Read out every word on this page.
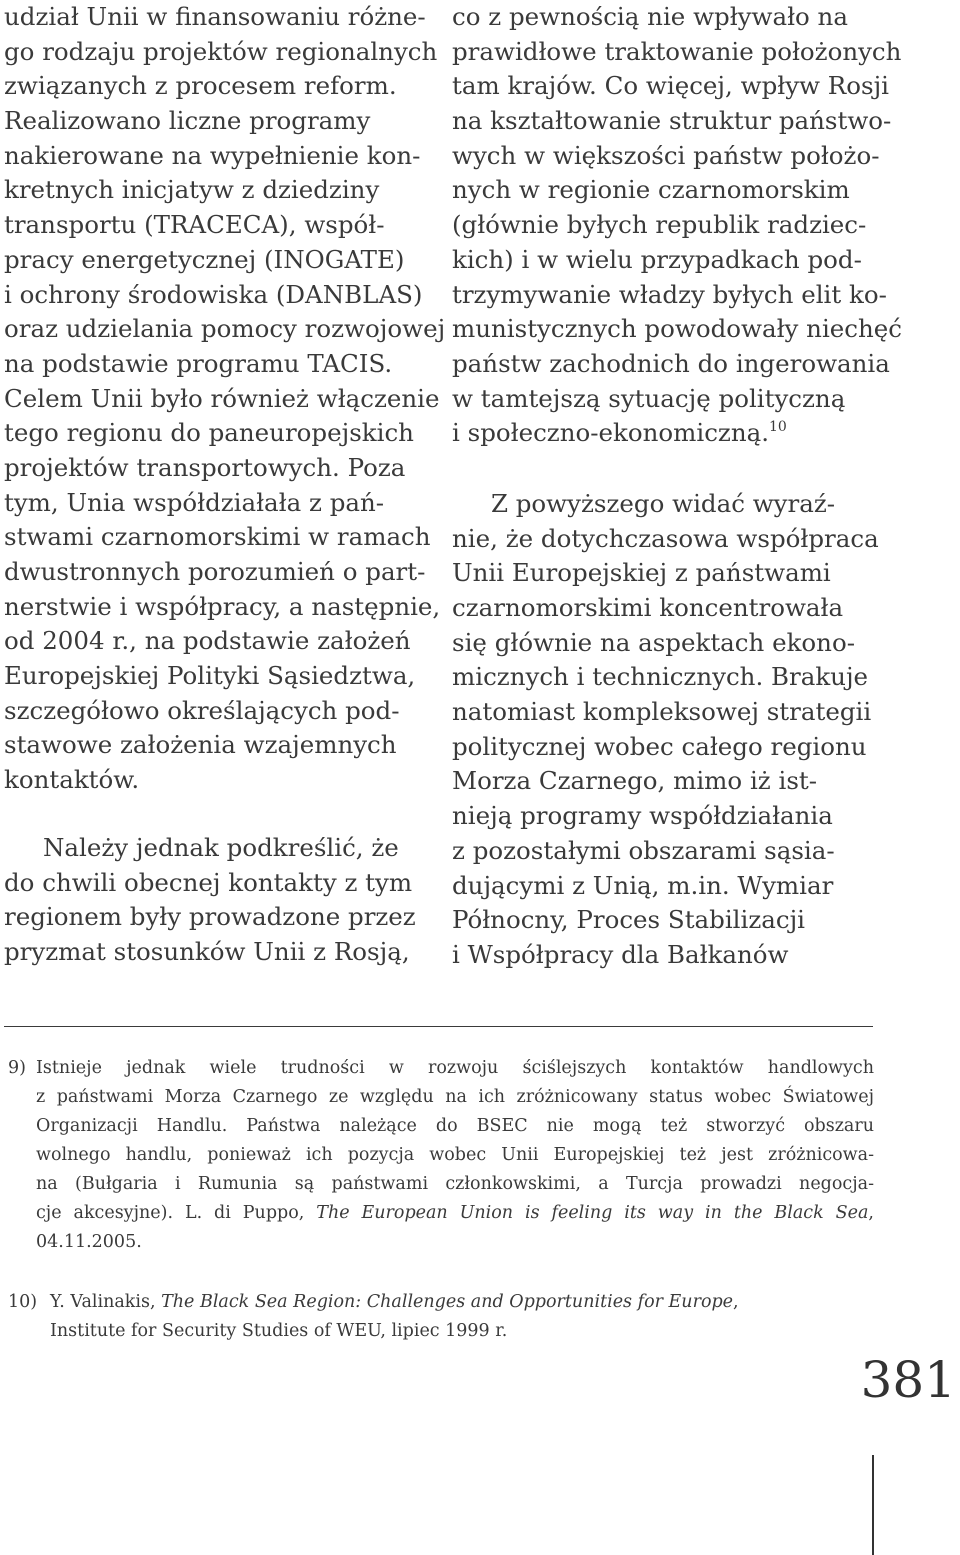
udział Unii w finansowaniu różne-
go rodzaju projektów regionalnych
związanych z procesem reform.
Realizowano liczne programy
nakierowane na wypełnienie kon-
kretnych inicjatyw z dziedziny
transportu (TRACECA), współ-
pracy energetycznej (INOGATE)
i ochrony środowiska (DANBLAS)
oraz udzielania pomocy rozwojowej
na podstawie programu TACIS.
Celem Unii było również włączenie
tego regionu do paneuropejskich
projektów transportowych. Poza
tym, Unia współdziałała z pań-
stwami czarnomorskimi w ramach
dwustronnych porozumień o part-
nerstwie i współpracy, a następnie,
od 2004 r., na podstawie założeń
Europejskiej Polityki Sąsiedztwa,
szczegółowo określających pod-
stawowe założenia wzajemnych
kontaktów.
Należy jednak podkreślić, że
do chwili obecnej kontakty z tym
regionem były prowadzone przez
pryzmat stosunków Unii z Rosją,
co z pewnością nie wpływało na
prawidłowe traktowanie położonych
tam krajów. Co więcej, wpływ Rosji
na kształtowanie struktur państwo-
wych w większości państw położo-
nych w regionie czarnomorskim
(głównie byłych republik radziec-
kich) i w wielu przypadkach pod-
trzymywanie władzy byłych elit ko-
munistycznych powodowały niechęć
państw zachodnich do ingerowania
w tamtejszą sytuację polityczną
i społeczno-ekonomiczną.$^{10}$
Z powyższego widać wyraź-
nie, że dotychczasowa współpraca
Unii Europejskiej z państwami
czarnomorskimi koncentrowała
się głównie na aspektach ekono-
micznych i technicznych. Brakuje
natomiast kompleksowej strategii
politycznej wobec całego regionu
Morza Czarnego, mimo iż ist-
nieją programy współdziałania
z pozostałymi obszarami sąsia-
dującymi z Unią, m.in. Wymiar
Północny, Proces Stabilizacji
i Współpracy dla Bałkanów
9) Istnieje jednak wiele trudności w rozwoju ściślejszych kontaktów handlowych
z państwami Morza Czarnego ze względu na ich zróżnicowany status wobec Światowej
Organizacji Handlu. Państwa należące do BSEC nie mogą też stworzyć obszaru
wolnego handlu, ponieważ ich pozycja wobec Unii Europejskiej też jest zróżnicowa-
na (Bułgaria i Rumunia są państwami członkowskimi, a Turcja prowadzi negocja-
cje akcesyjne). L. di Puppo, The European Union is feeling its way in the Black Sea,
04.11.2005.
10) Y. Valinakis, The Black Sea Region: Challenges and Opportunities for Europe,
Institute for Security Studies of WEU, lipiec 1999 r.
381
